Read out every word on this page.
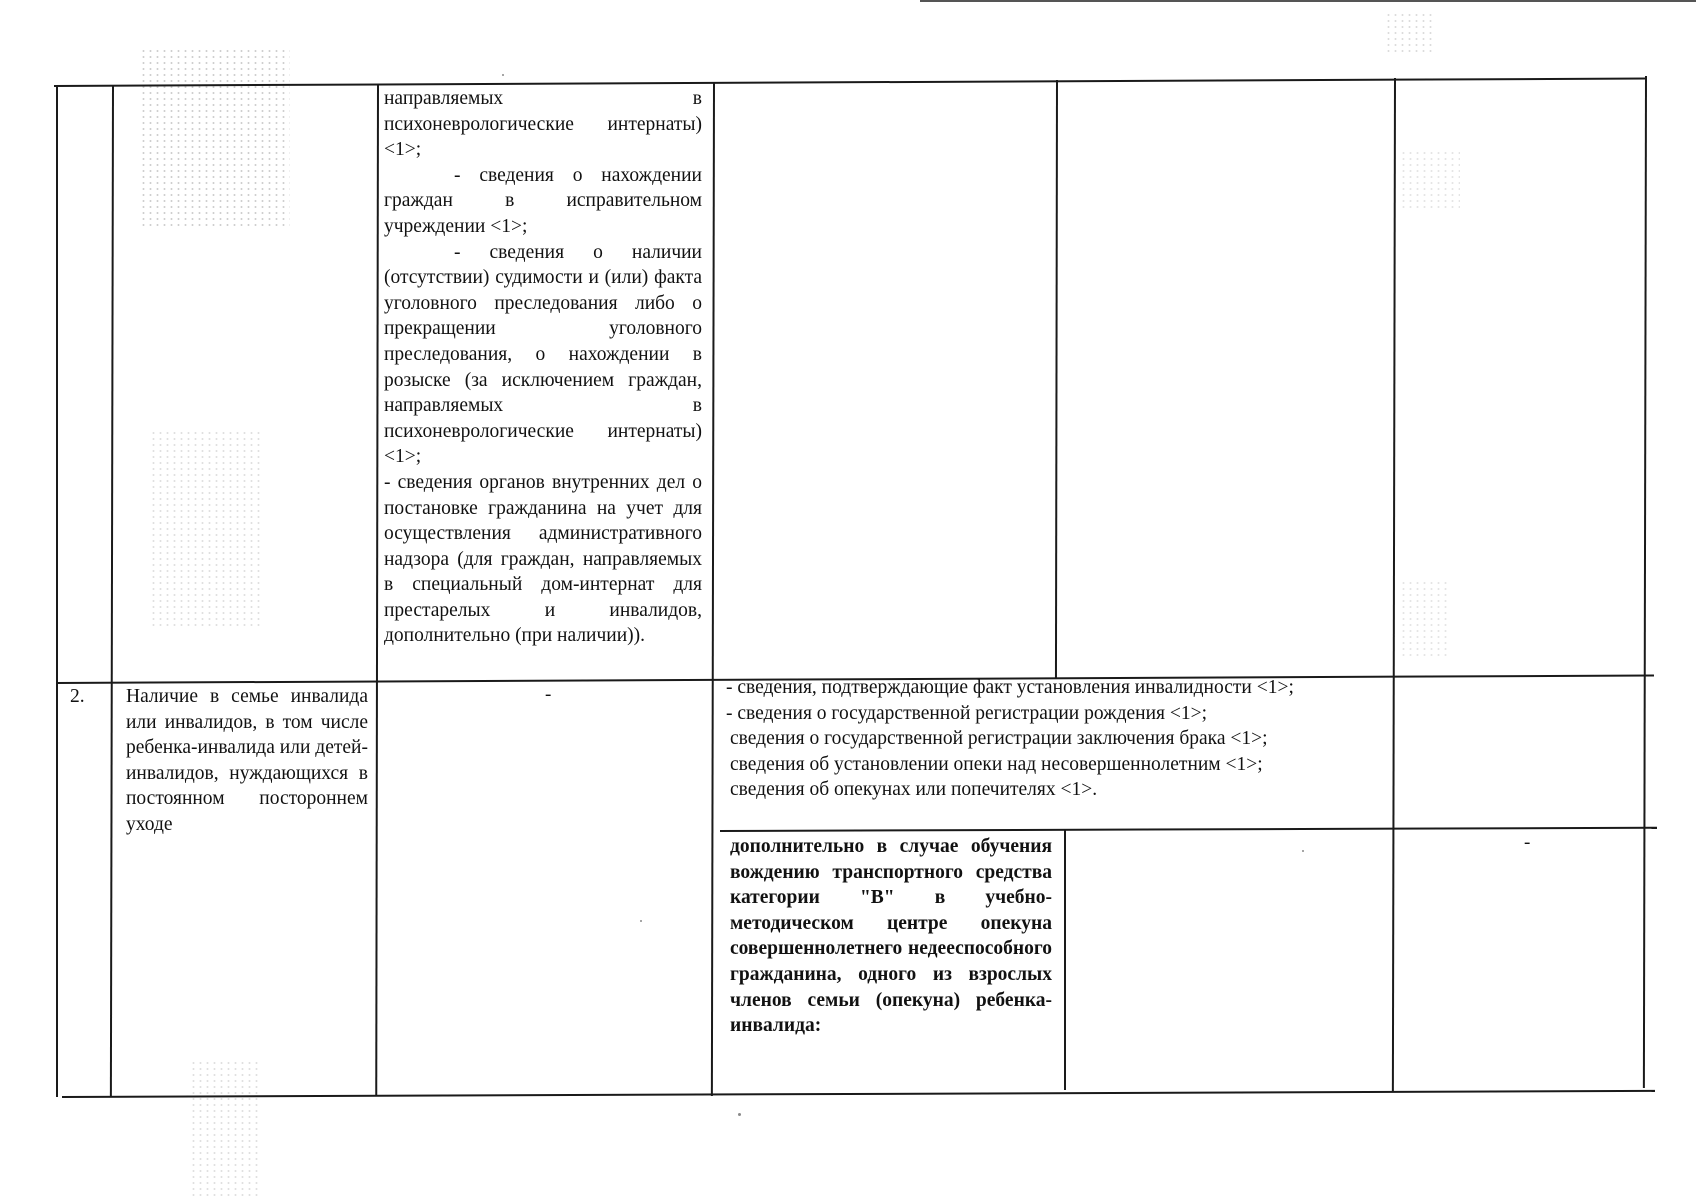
направляемых в психоневрологические интернаты) <1>;

- сведения о нахождении граждан в исправительном учреждении <1>;

- сведения о наличии (отсутствии) судимости и (или) факта уголовного преследования либо о прекращении уголовного преследования, о нахождении в розыске (за исключением граждан, направляемых в психоневрологические интернаты) <1>;

- сведения органов внутренних дел о постановке гражданина на учет для осуществления административного надзора (для граждан, направляемых в специальный дом-интернат для престарелых и инвалидов, дополнительно (при наличии)).

2. Наличие в семье инвалида или инвалидов, в том числе ребенка-инвалида или детей-инвалидов, нуждающихся в постоянном постороннем уходе

-	- сведения, подтверждающие факт установления инвалидности <1>;

- сведения о государственной регистрации рождения <1>;

сведения о государственной регистрации заключения брака <1>;

сведения об установлении опеки над несовершеннолетним <1>;

сведения об опекунах или попечителях <1>.

дополнительно в случае обучения вождению транспортного средства категории "В" в учебно-методическом центре опекуна совершеннолетнего недееспособного гражданина, одного из взрослых членов семьи (опекуна) ребенка-инвалида:

-
